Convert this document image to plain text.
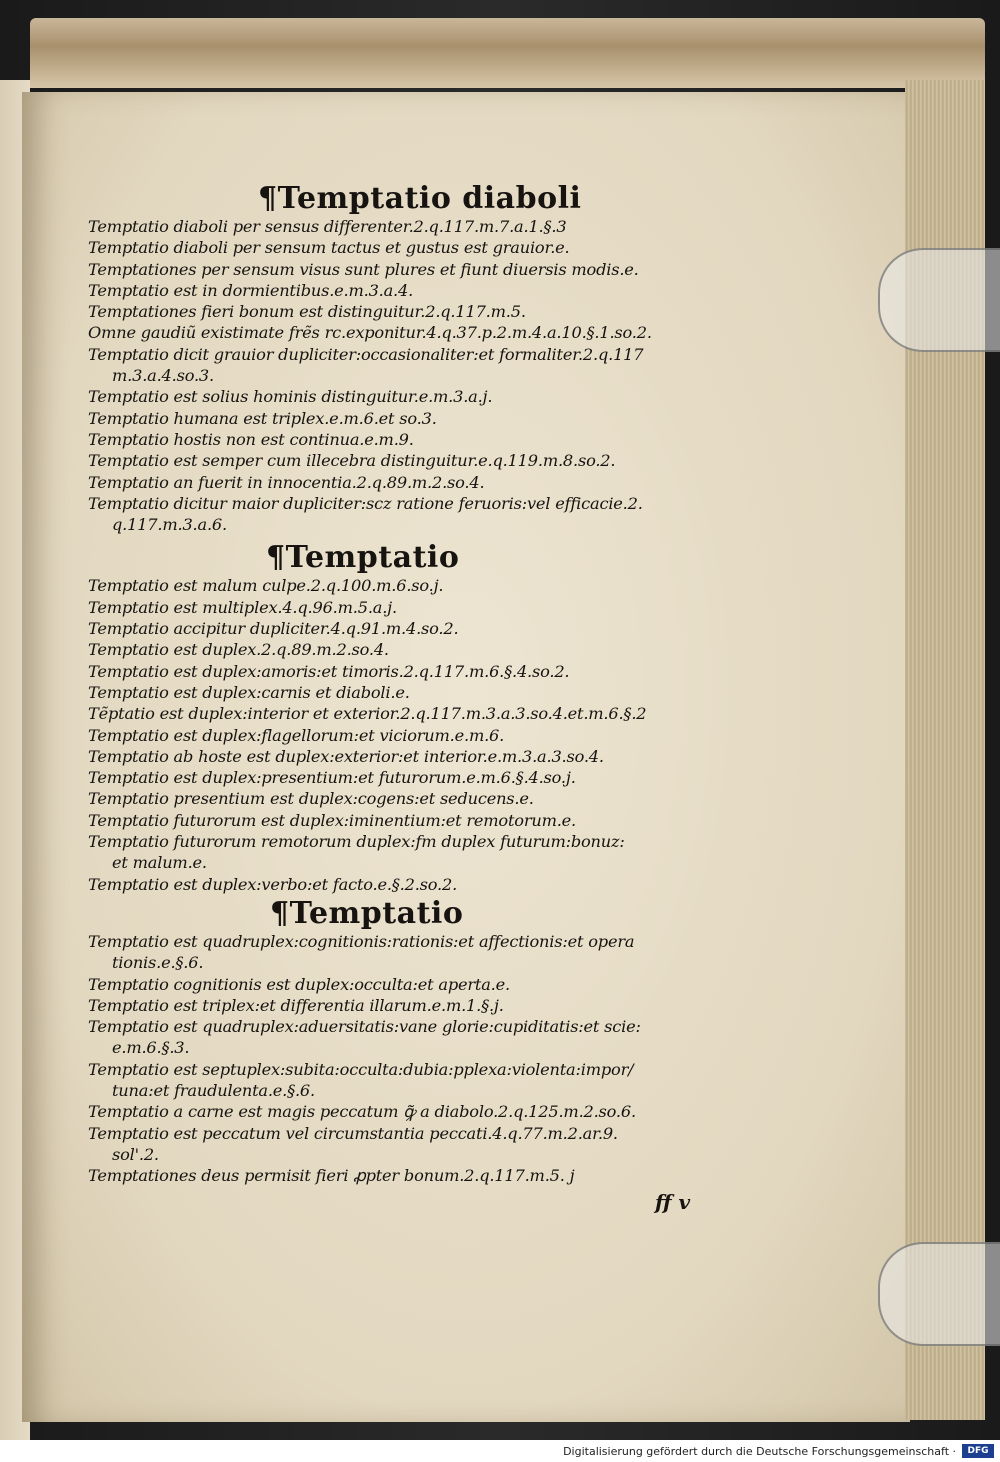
¶Temptatio diaboli
Temptatio diaboli per sensus differenter.2.q.117.m.7.a.1.§.3
Temptatio diaboli per sensum tactus et gustus est grauior.e.
Temptationes per sensum visus sunt plures et fiunt diuersis modis.e.
Temptatio est in dormientibus.e.m.3.a.4.
Temptationes fieri bonum est distinguitur.2.q.117.m.5.
Omne gaudiũ existimate frẽs rc.exponitur.4.q.37.p.2.m.4.a.10.§.1.so.2.
Temptatio dicit grauior dupliciter:occasionaliter:et formaliter.2.q.117
m.3.a.4.so.3.
Temptatio est solius hominis distinguitur.e.m.3.a.j.
Temptatio humana est triplex.e.m.6.et so.3.
Temptatio hostis non est continua.e.m.9.
Temptatio est semper cum illecebra distinguitur.e.q.119.m.8.so.2.
Temptatio an fuerit in innocentia.2.q.89.m.2.so.4.
Temptatio dicitur maior dupliciter:scz ratione feruoris:vel efficacie.2.
q.117.m.3.a.6.
¶Temptatio
Temptatio est malum culpe.2.q.100.m.6.so.j.
Temptatio est multiplex.4.q.96.m.5.a.j.
Temptatio accipitur dupliciter.4.q.91.m.4.so.2.
Temptatio est duplex.2.q.89.m.2.so.4.
Temptatio est duplex:amoris:et timoris.2.q.117.m.6.§.4.so.2.
Temptatio est duplex:carnis et diaboli.e.
Tẽptatio est duplex:interior et exterior.2.q.117.m.3.a.3.so.4.et.m.6.§.2
Temptatio est duplex:flagellorum:et viciorum.e.m.6.
Temptatio ab hoste est duplex:exterior:et interior.e.m.3.a.3.so.4.
Temptatio est duplex:presentium:et futurorum.e.m.6.§.4.so.j.
Temptatio presentium est duplex:cogens:et seducens.e.
Temptatio futurorum est duplex:iminentium:et remotorum.e.
Temptatio futurorum remotorum duplex:fm duplex futurum:bonuz:
et malum.e.
Temptatio est duplex:verbo:et facto.e.§.2.so.2.
¶Temptatio
Temptatio est quadruplex:cognitionis:rationis:et affectionis:et opera
tionis.e.§.6.
Temptatio cognitionis est duplex:occulta:et aperta.e.
Temptatio est triplex:et differentia illarum.e.m.1.§.j.
Temptatio est quadruplex:aduersitatis:vane glorie:cupiditatis:et scie:
e.m.6.§.3.
Temptatio est septuplex:subita:occulta:dubia:pplexa:violenta:impor/
tuna:et fraudulenta.e.§.6.
Temptatio a carne est magis peccatum ꝙ̃ a diabolo.2.q.125.m.2.so.6.
Temptatio est peccatum vel circumstantia peccati.4.q.77.m.2.ar.9.
sol'.2.
Temptationes deus permisit fieri ꝓpter bonum.2.q.117.m.5. j
ff v
Digitalisierung gefördert durch die Deutsche Forschungsgemeinschaft ·	DFG
